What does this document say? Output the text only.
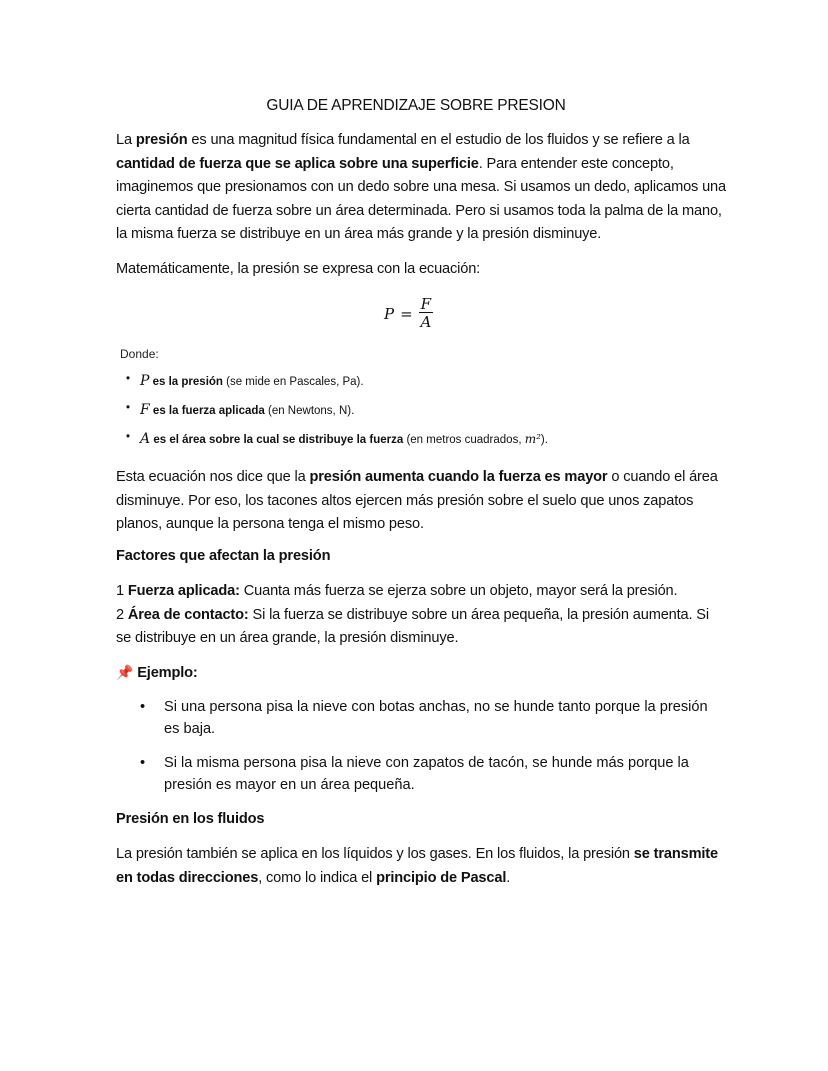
GUIA DE APRENDIZAJE SOBRE PRESION
La presión es una magnitud física fundamental en el estudio de los fluidos y se refiere a la cantidad de fuerza que se aplica sobre una superficie. Para entender este concepto, imaginemos que presionamos con un dedo sobre una mesa. Si usamos un dedo, aplicamos una cierta cantidad de fuerza sobre un área determinada. Pero si usamos toda la palma de la mano, la misma fuerza se distribuye en un área más grande y la presión disminuye.
Matemáticamente, la presión se expresa con la ecuación:
$P = \frac{F}{A}$
Donde:
• P es la presión (se mide en Pascales, Pa).
• F es la fuerza aplicada (en Newtons, N).
• A es el área sobre la cual se distribuye la fuerza (en metros cuadrados, m²).
Esta ecuación nos dice que la presión aumenta cuando la fuerza es mayor o cuando el área disminuye. Por eso, los tacones altos ejercen más presión sobre el suelo que unos zapatos planos, aunque la persona tenga el mismo peso.
Factores que afectan la presión
1 Fuerza aplicada: Cuanta más fuerza se ejerza sobre un objeto, mayor será la presión.
2 Área de contacto: Si la fuerza se distribuye sobre un área pequeña, la presión aumenta. Si se distribuye en un área grande, la presión disminuye.
📌 Ejemplo:
• Si una persona pisa la nieve con botas anchas, no se hunde tanto porque la presión es baja.
• Si la misma persona pisa la nieve con zapatos de tacón, se hunde más porque la presión es mayor en un área pequeña.
Presión en los fluidos
La presión también se aplica en los líquidos y los gases. En los fluidos, la presión se transmite en todas direcciones, como lo indica el principio de Pascal.
